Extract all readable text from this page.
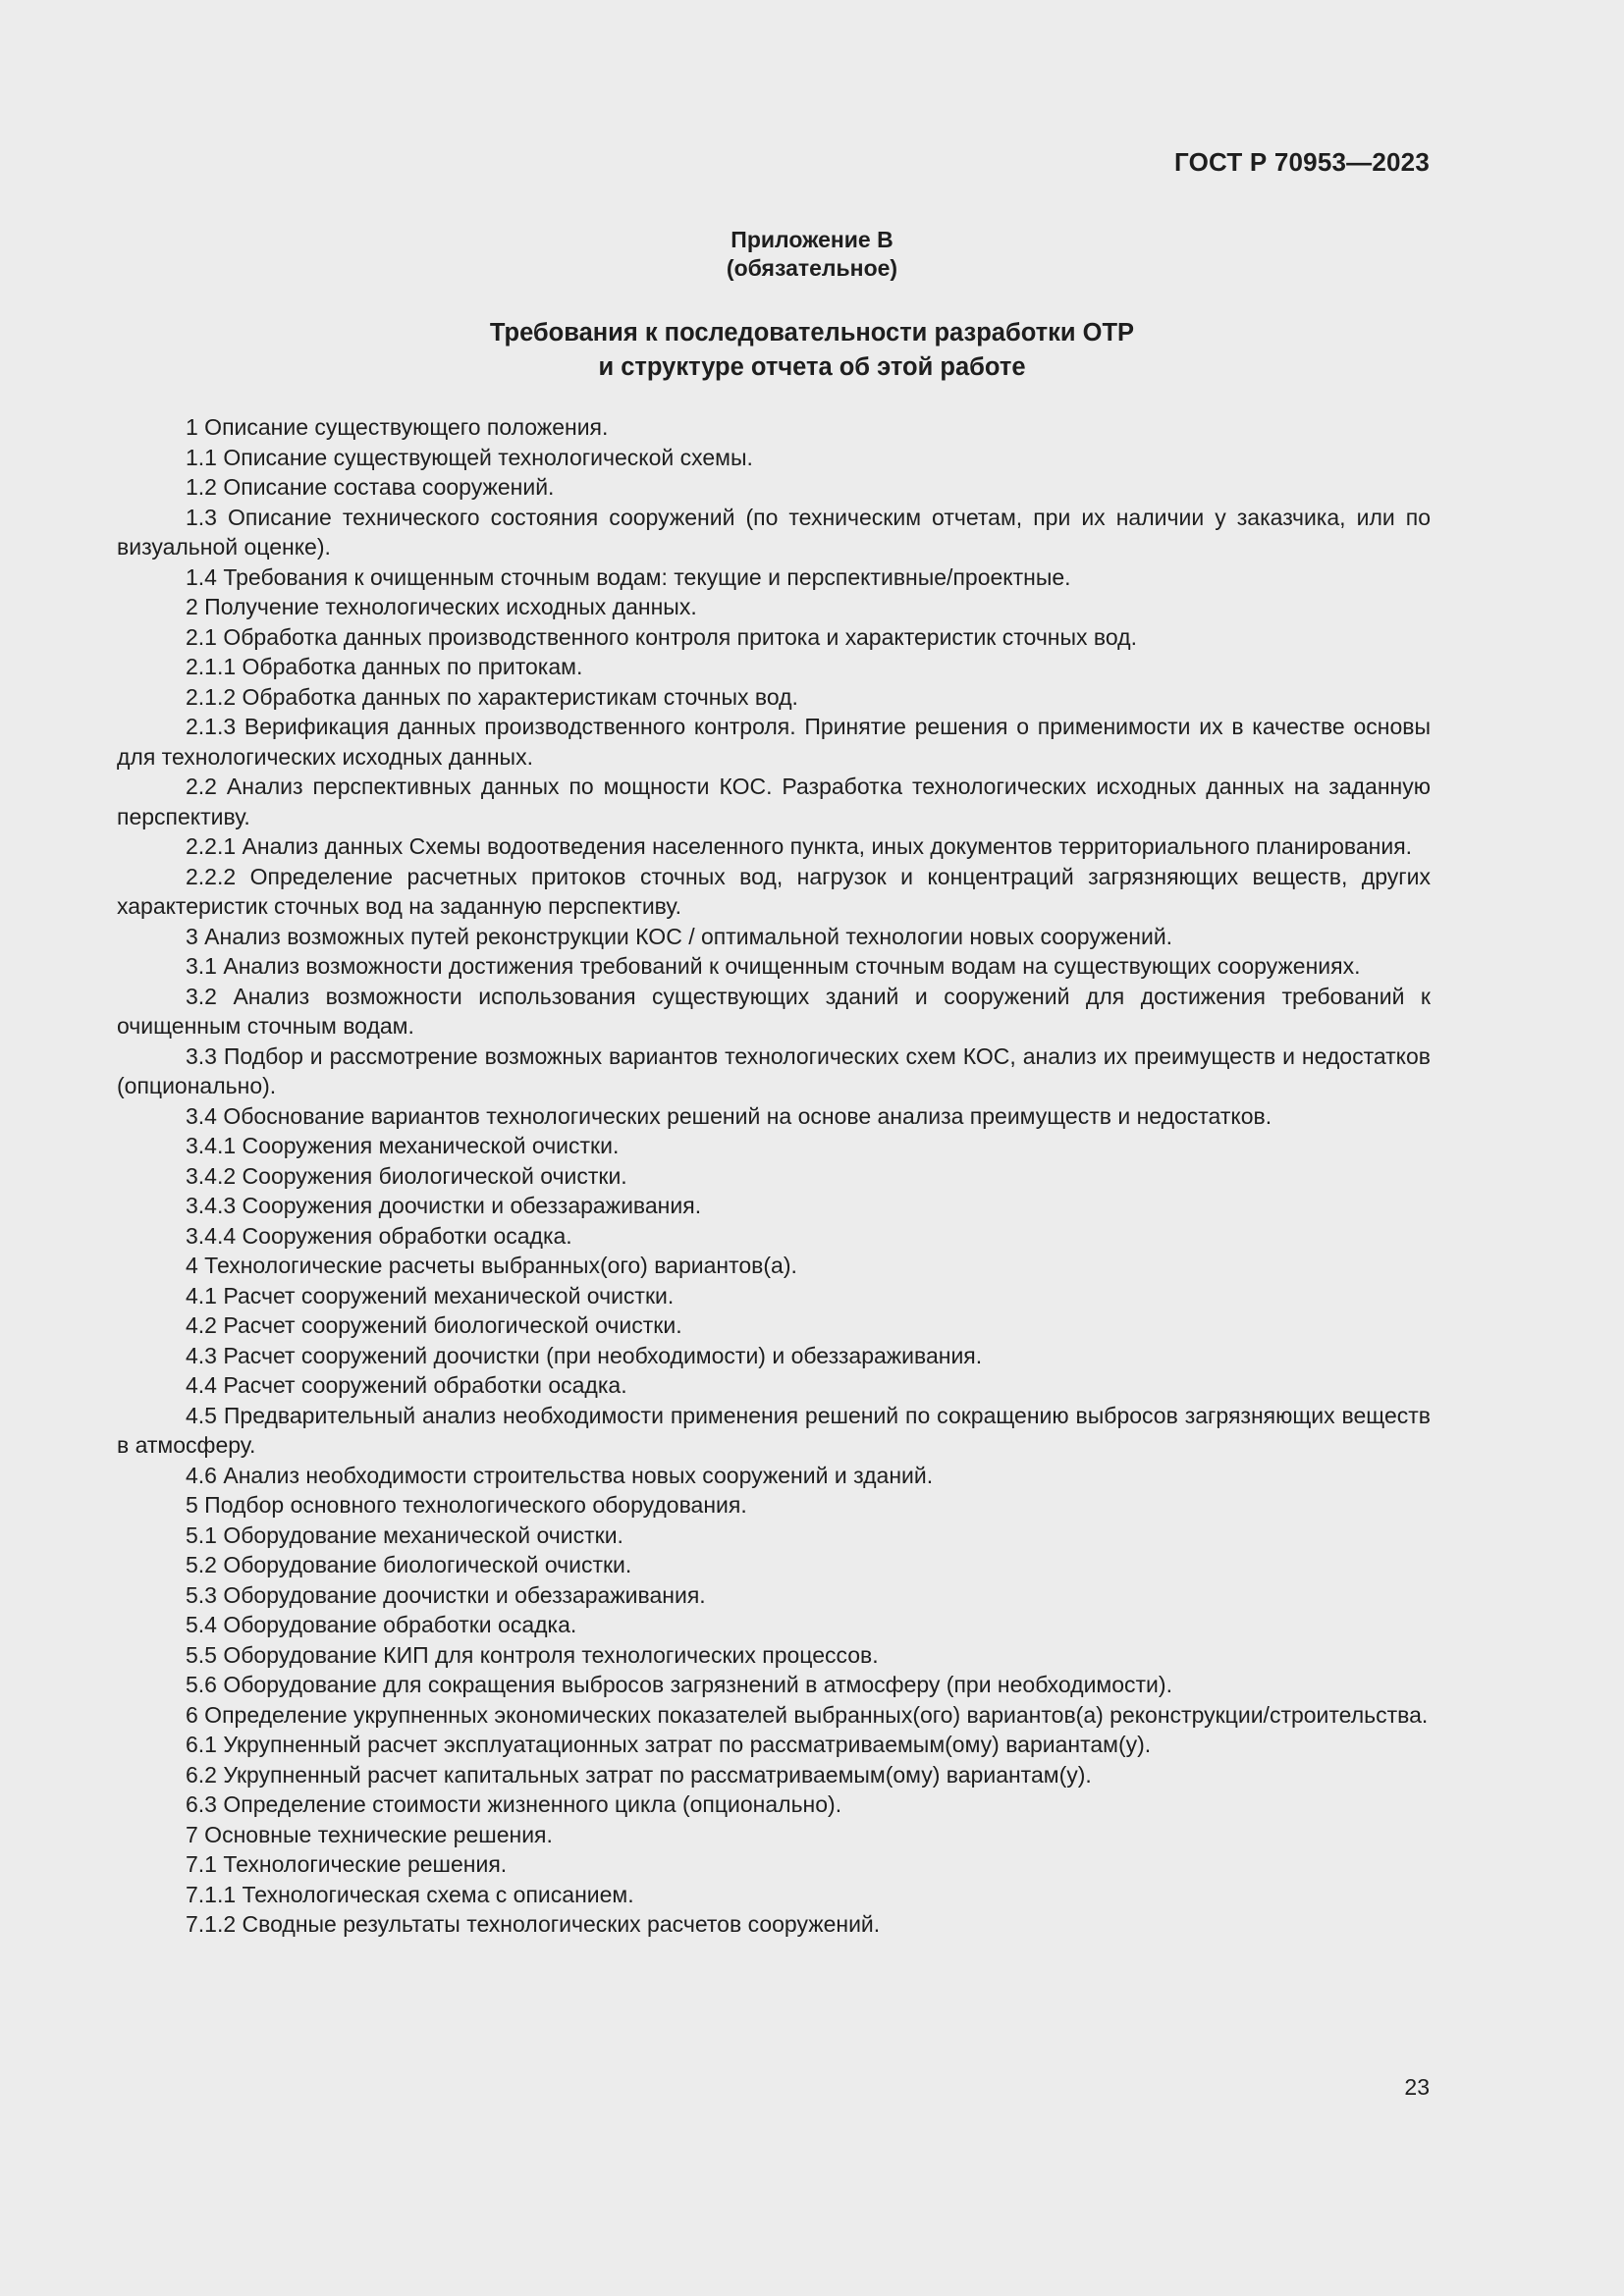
ГОСТ Р 70953—2023
Приложение В
(обязательное)
Требования к последовательности разработки ОТР
и структуре отчета об этой работе

1 Описание существующего положения.

1.1 Описание существующей технологической схемы.

1.2 Описание состава сооружений.

1.3 Описание технического состояния сооружений (по техническим отчетам, при их наличии у заказчика, или по визуальной оценке).

1.4 Требования к очищенным сточным водам: текущие и перспективные/проектные.

2 Получение технологических исходных данных.

2.1 Обработка данных производственного контроля притока и характеристик сточных вод.

2.1.1 Обработка данных по притокам.

2.1.2 Обработка данных по характеристикам сточных вод.

2.1.3 Верификация данных производственного контроля. Принятие решения о применимости их в качестве основы для технологических исходных данных.

2.2 Анализ перспективных данных по мощности КОС. Разработка технологических исходных данных на заданную перспективу.

2.2.1 Анализ данных Схемы водоотведения населенного пункта, иных документов территориального планирования.

2.2.2 Определение расчетных притоков сточных вод, нагрузок и концентраций загрязняющих веществ, других характеристик сточных вод на заданную перспективу.

3 Анализ возможных путей реконструкции КОС / оптимальной технологии новых сооружений.

3.1 Анализ возможности достижения требований к очищенным сточным водам на существующих сооружениях.

3.2 Анализ возможности использования существующих зданий и сооружений для достижения требований к очищенным сточным водам.

3.3 Подбор и рассмотрение возможных вариантов технологических схем КОС, анализ их преимуществ и недостатков (опционально).

3.4 Обоснование вариантов технологических решений на основе анализа преимуществ и недостатков.

3.4.1 Сооружения механической очистки.

3.4.2 Сооружения биологической очистки.

3.4.3 Сооружения доочистки и обеззараживания.

3.4.4 Сооружения обработки осадка.

4 Технологические расчеты выбранных(ого) вариантов(а).

4.1 Расчет сооружений механической очистки.

4.2 Расчет сооружений биологической очистки.

4.3 Расчет сооружений доочистки (при необходимости) и обеззараживания.

4.4 Расчет сооружений обработки осадка.

4.5 Предварительный анализ необходимости применения решений по сокращению выбросов загрязняющих веществ в атмосферу.

4.6 Анализ необходимости строительства новых сооружений и зданий.

5 Подбор основного технологического оборудования.

5.1 Оборудование механической очистки.

5.2 Оборудование биологической очистки.

5.3 Оборудование доочистки и обеззараживания.

5.4 Оборудование обработки осадка.

5.5 Оборудование КИП для контроля технологических процессов.

5.6 Оборудование для сокращения выбросов загрязнений в атмосферу (при необходимости).

6 Определение укрупненных экономических показателей выбранных(ого) вариантов(а) реконструкции/строительства.

6.1 Укрупненный расчет эксплуатационных затрат по рассматриваемым(ому) вариантам(у).

6.2 Укрупненный расчет капитальных затрат по рассматриваемым(ому) вариантам(у).

6.3 Определение стоимости жизненного цикла (опционально).

7 Основные технические решения.

7.1 Технологические решения.

7.1.1 Технологическая схема с описанием.

7.1.2 Сводные результаты технологических расчетов сооружений.

23
